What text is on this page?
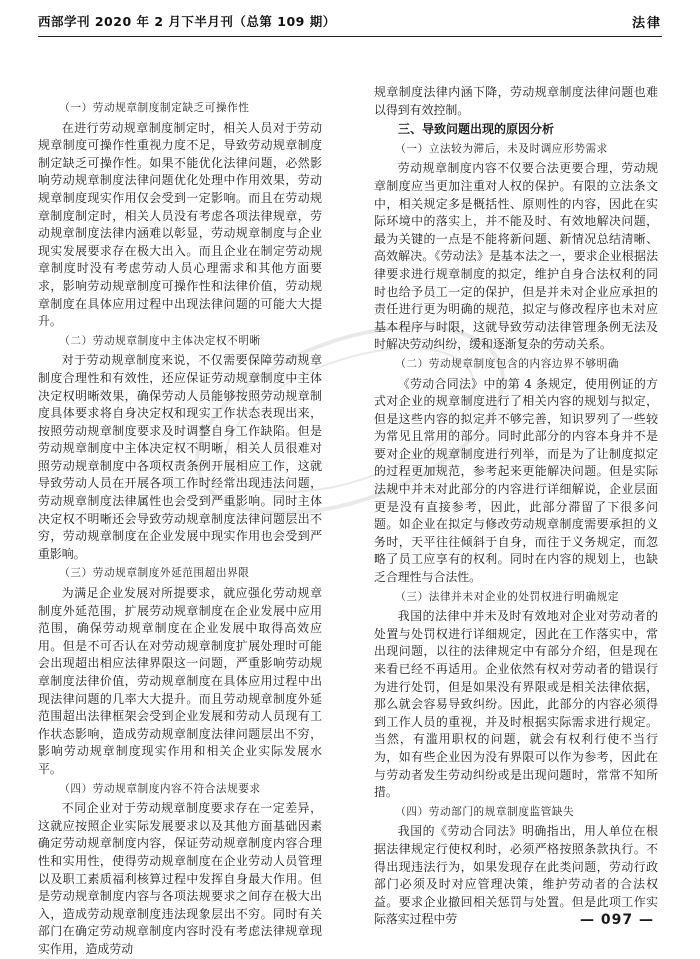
西部学刊 2020 年 2 月下半月刊（总第 109 期）	法律

（一）劳动规章制度制定缺乏可操作性

在进行劳动规章制度制定时，相关人员对于劳动规章制度可操作性重视力度不足，导致劳动规章制度制定缺乏可操作性。如果不能优化法律问题，必然影响劳动规章制度法律问题优化处理中作用效果，劳动规章制度现实作用仅会受到一定影响。而且在劳动规章制度制定时，相关人员没有考虑各项法律规章，劳动规章制度法律内涵难以彰显，劳动规章制度与企业现实发展要求存在极大出入。而且企业在制定劳动规章制度时没有考虑劳动人员心理需求和其他方面要求，影响劳动规章制度可操作性和法律价值，劳动规章制度在具体应用过程中出现法律问题的可能大大提升。

（二）劳动规章制度中主体决定权不明晰

对于劳动规章制度来说，不仅需要保障劳动规章制度合理性和有效性，还应保证劳动规章制度中主体决定权明晰效果，确保劳动人员能够按照劳动规章制度具体要求将自身决定权和现实工作状态表现出来，按照劳动规章制度要求及时调整自身工作缺陷。但是劳动规章制度中主体决定权不明晰，相关人员很难对照劳动规章制度中各项权责条例开展相应工作，这就导致劳动人员在开展各项工作时经常出现违法问题，劳动规章制度法律属性也会受到严重影响。同时主体决定权不明晰还会导致劳动规章制度法律问题层出不穷，劳动规章制度在企业发展中现实作用也会受到严重影响。

（三）劳动规章制度外延范围超出界限

为满足企业发展对所提要求，就应强化劳动规章制度外延范围，扩展劳动规章制度在企业发展中应用范围，确保劳动规章制度在企业发展中取得高效应用。但是不可否认在对劳动规章制度扩展处理时可能会出现超出相应法律界限这一问题，严重影响劳动规章制度法律价值，劳动规章制度在具体应用过程中出现法律问题的几率大大提升。而且劳动规章制度外延范围超出法律框架会受到企业发展和劳动人员现有工作状态影响，造成劳动规章制度法律问题层出不穷，影响劳动规章制度现实作用和相关企业实际发展水平。

（四）劳动规章制度内容不符合法规要求

不同企业对于劳动规章制度要求存在一定差异，这就应按照企业实际发展要求以及其他方面基础因素确定劳动规章制度内容，保证劳动规章制度内容合理性和实用性，使得劳动规章制度在企业劳动人员管理以及职工素质福利核算过程中发挥自身最大作用。但是劳动规章制度内容与各项法规要求之间存在极大出入，造成劳动规章制度违法现象层出不穷。同时有关部门在确定劳动规章制度内容时没有考虑法律规章现实作用，造成劳动

规章制度法律内涵下降，劳动规章制度法律问题也难以得到有效控制。

三、导致问题出现的原因分析

（一）立法较为滞后，未及时调应形势需求

劳动规章制度内容不仅要合法更要合理，劳动规章制度应当更加注重对人权的保护。有限的立法条文中，相关规定多是概括性、原则性的内容，因此在实际环境中的落实上，并不能及时、有效地解决问题，最为关键的一点是不能将新问题、新情况总结清晰、高效解决。《劳动法》是基本法之一，要求企业根据法律要求进行规章制度的拟定，维护自身合法权利的同时也给予员工一定的保护，但是并未对企业应承担的责任进行更为明确的规范，拟定与修改程序也未对应基本程序与时限，这就导致劳动法律管理条例无法及时解决劳动纠纷，缓和逐渐复杂的劳动关系。

（二）劳动规章制度包含的内容边界不够明确

《劳动合同法》中的第 4 条规定，使用例证的方式对企业的规章制度进行了相关内容的规划与拟定，但是这些内容的拟定并不够完善，知识罗列了一些较为常见且常用的部分。同时此部分的内容本身并不是要对企业的规章制度进行列举，而是为了让制度拟定的过程更加规范，参考起来更能解决问题。但是实际法规中并未对此部分的内容进行详细解说，企业层面更是没有直接参考，因此，此部分滞留了下很多问题。如企业在拟定与修改劳动规章制度需要承担的义务时，天平往往倾斜于自身，而往于义务规定，而忽略了员工应享有的权利。同时在内容的规划上，也缺乏合理性与合法性。

（三）法律并未对企业的处罚权进行明确规定

我国的法律中并未及时有效地对企业对劳动者的处置与处罚权进行详细规定，因此在工作落实中，常出现问题，以往的法律规定中有部分介绍，但是现在来看已经不再适用。企业依然有权对劳动者的错误行为进行处罚，但是如果没有界限或是相关法律依据，那么就会容易导致纠纷。因此，此部分的内容必须得到工作人员的重视，并及时根据实际需求进行规定。当然，有滥用职权的问题，就会有权利行使不当行为，如有些企业因为没有界限可以作为参考，因此在与劳动者发生劳动纠纷或是出现问题时，常常不知所措。

（四）劳动部门的规章制度监管缺失

我国的《劳动合同法》明确指出，用人单位在根据法律规定行使权利时，必须严格按照条款执行。不得出现违法行为，如果发现存在此类问题，劳动行政部门必须及时对应管理决策，维护劳动者的合法权益。要求企业撤回相关惩罚与处置。但是此项工作实际落实过程中劳	— 097 —
